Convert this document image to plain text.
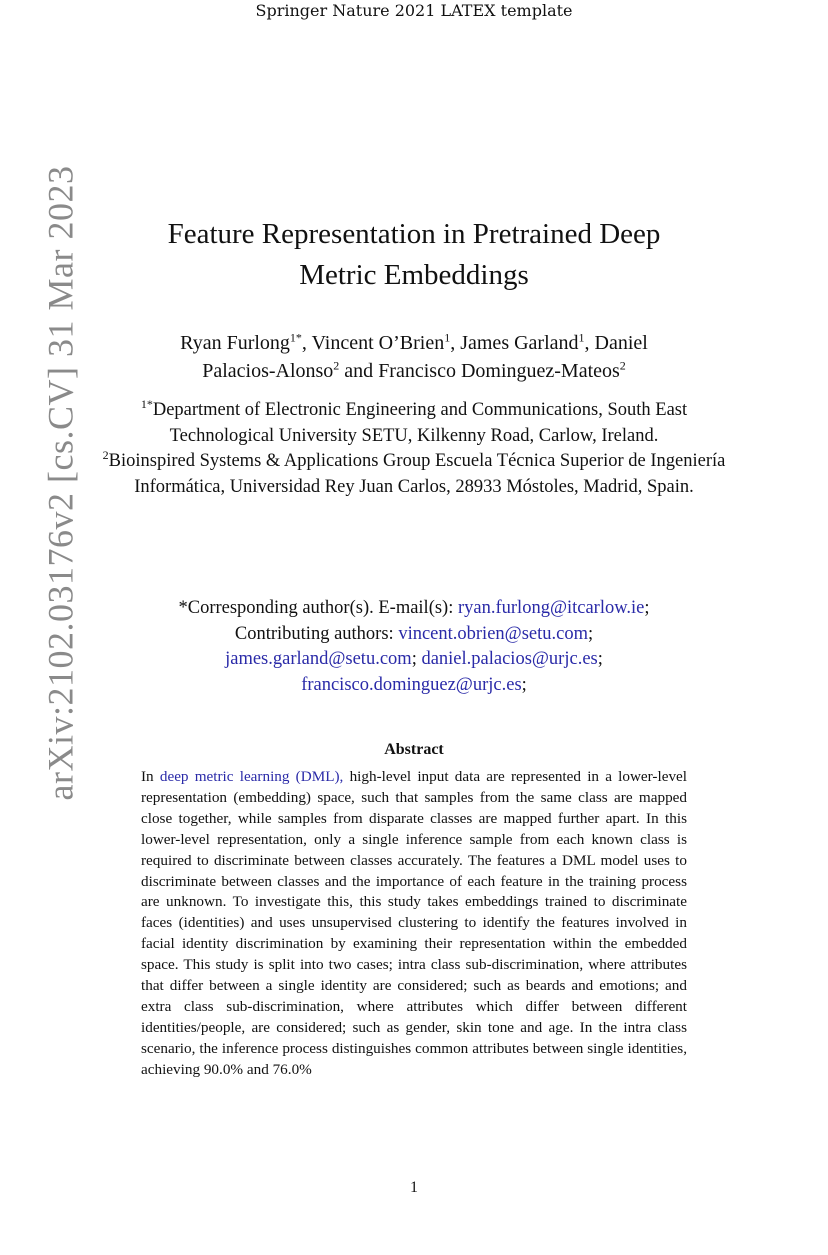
Springer Nature 2021 LATEX template
arXiv:2102.03176v2 [cs.CV] 31 Mar 2023	Feature Representation in Pretrained Deep
Metric Embeddings
Ryan Furlong$^{1*}$, Vincent O’Brien$^1$, James Garland$^1$, Daniel
Palacios-Alonso$^2$ and Francisco Dominguez-Mateos$^2$
$^{1*}$Department of Electronic Engineering and Communications, South East Technological University SETU, Kilkenny Road, Carlow, Ireland.
$^2$Bioinspired Systems & Applications Group Escuela Técnica Superior de Ingeniería Informática, Universidad Rey Juan Carlos, 28933 Móstoles, Madrid, Spain.
*Corresponding author(s). E-mail(s): ryan.furlong@itcarlow.ie;
Contributing authors: vincent.obrien@setu.com;
james.garland@setu.com; daniel.palacios@urjc.es;
francisco.dominguez@urjc.es;
Abstract
In deep metric learning (DML), high-level input data are represented in a lower-level representation (embedding) space, such that samples from the same class are mapped close together, while samples from disparate classes are mapped further apart. In this lower-level representation, only a single inference sample from each known class is required to discriminate between classes accurately. The features a DML model uses to discriminate between classes and the importance of each feature in the training process are unknown. To investigate this, this study takes embeddings trained to discriminate faces (identities) and uses unsupervised clustering to identify the features involved in facial identity discrimination by examining their representation within the embedded space. This study is split into two cases; intra class sub-discrimination, where attributes that differ between a single identity are considered; such as beards and emotions; and extra class sub-discrimination, where attributes which differ between different identities/people, are considered; such as gender, skin tone and age. In the intra class scenario, the inference process distinguishes common attributes between single identities, achieving 90.0% and 76.0%
1
